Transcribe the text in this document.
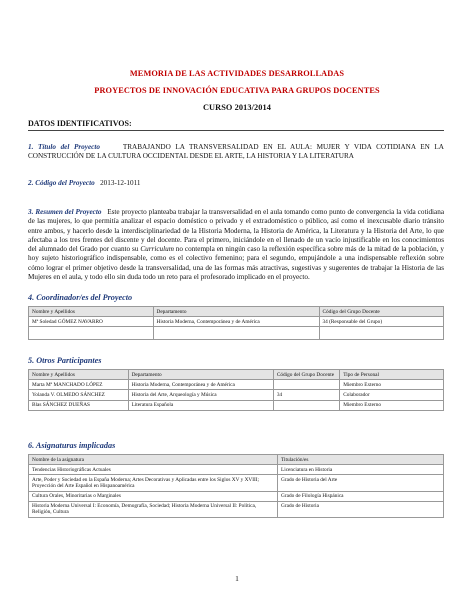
MEMORIA DE LAS ACTIVIDADES DESARROLLADAS
PROYECTOS DE INNOVACIÓN EDUCATIVA PARA GRUPOS DOCENTES
CURSO 2013/2014
DATOS IDENTIFICATIVOS:
1. Título del Proyecto	TRABAJANDO LA TRANSVERSALIDAD EN EL AULA: MUJER Y VIDA COTIDIANA EN LA CONSTRUCCIÓN DE LA CULTURA OCCIDENTAL DESDE EL ARTE, LA HISTORIA Y LA LITERATURA
2. Código del Proyecto 2013-12-1011
3. Resumen del Proyecto Este proyecto planteaba trabajar la transversalidad en el aula tomando como punto de convergencia la vida cotidiana de las mujeres, lo que permitía analizar el espacio doméstico o privado y el extradoméstico o público, así como el inexcusable diario tránsito entre ambos, y hacerlo desde la interdisciplinariedad de la Historia Moderna, la Historia de América, la Literatura y la Historia del Arte, lo que afectaba a los tres frentes del discente y del docente. Para el primero, iniciándole en el llenado de un vacío injustificable en los conocimientos del alumnado del Grado por cuanto su Curriculum no contempla en ningún caso la reflexión específica sobre más de la mitad de la población, y hoy sujeto historiográfico indispensable, como es el colectivo femenino; para el segundo, empujándole a una indispensable reflexión sobre cómo lograr el primer objetivo desde la transversalidad, una de las formas más atractivas, sugestivas y sugerentes de trabajar la Historia de las Mujeres en el aula, y todo ello sin duda todo un reto para el profesorado implicado en el proyecto.
4. Coordinador/es del Proyecto
Nombre y Apellidos	Departamento	Código del Grupo Docente
Mª Soledad GÓMEZ NAVARRO	Historia Moderna, Contemporánea y de América	34 (Responsable del Grupo)

5. Otros Participantes
Nombre y Apellidos	Departamento	Código del Grupo Docente	Tipo de Personal
Marta Mª MANCHADO LÓPEZ	Historia Moderna, Contemporánea y de América		Miembro Externo
Yolanda V. OLMEDO SÁNCHEZ	Historia del Arte, Arqueología y Música	34	Colaborador
Blas SÁNCHEZ DUEÑAS	Literatura Española		Miembro Externo
6. Asignaturas implicadas
Nombre de la asignatura	Titulación/es
Tendencias Historiográficas Actuales	Licenciatura en Historia
Arte, Poder y Sociedad en la España Moderna; Artes Decorativas y Aplicadas entre los Siglos XV y XVIII; Proyección del Arte Español en Hispanoamérica	Grado de Historia del Arte
Cultura Orales, Minoritarias o Marginales	Grado de Filología Hispánica
Historia Moderna Universal I: Economía, Demografía, Sociedad; Historia Moderna Universal II: Política, Religión, Cultura	Grado de Historia
1
